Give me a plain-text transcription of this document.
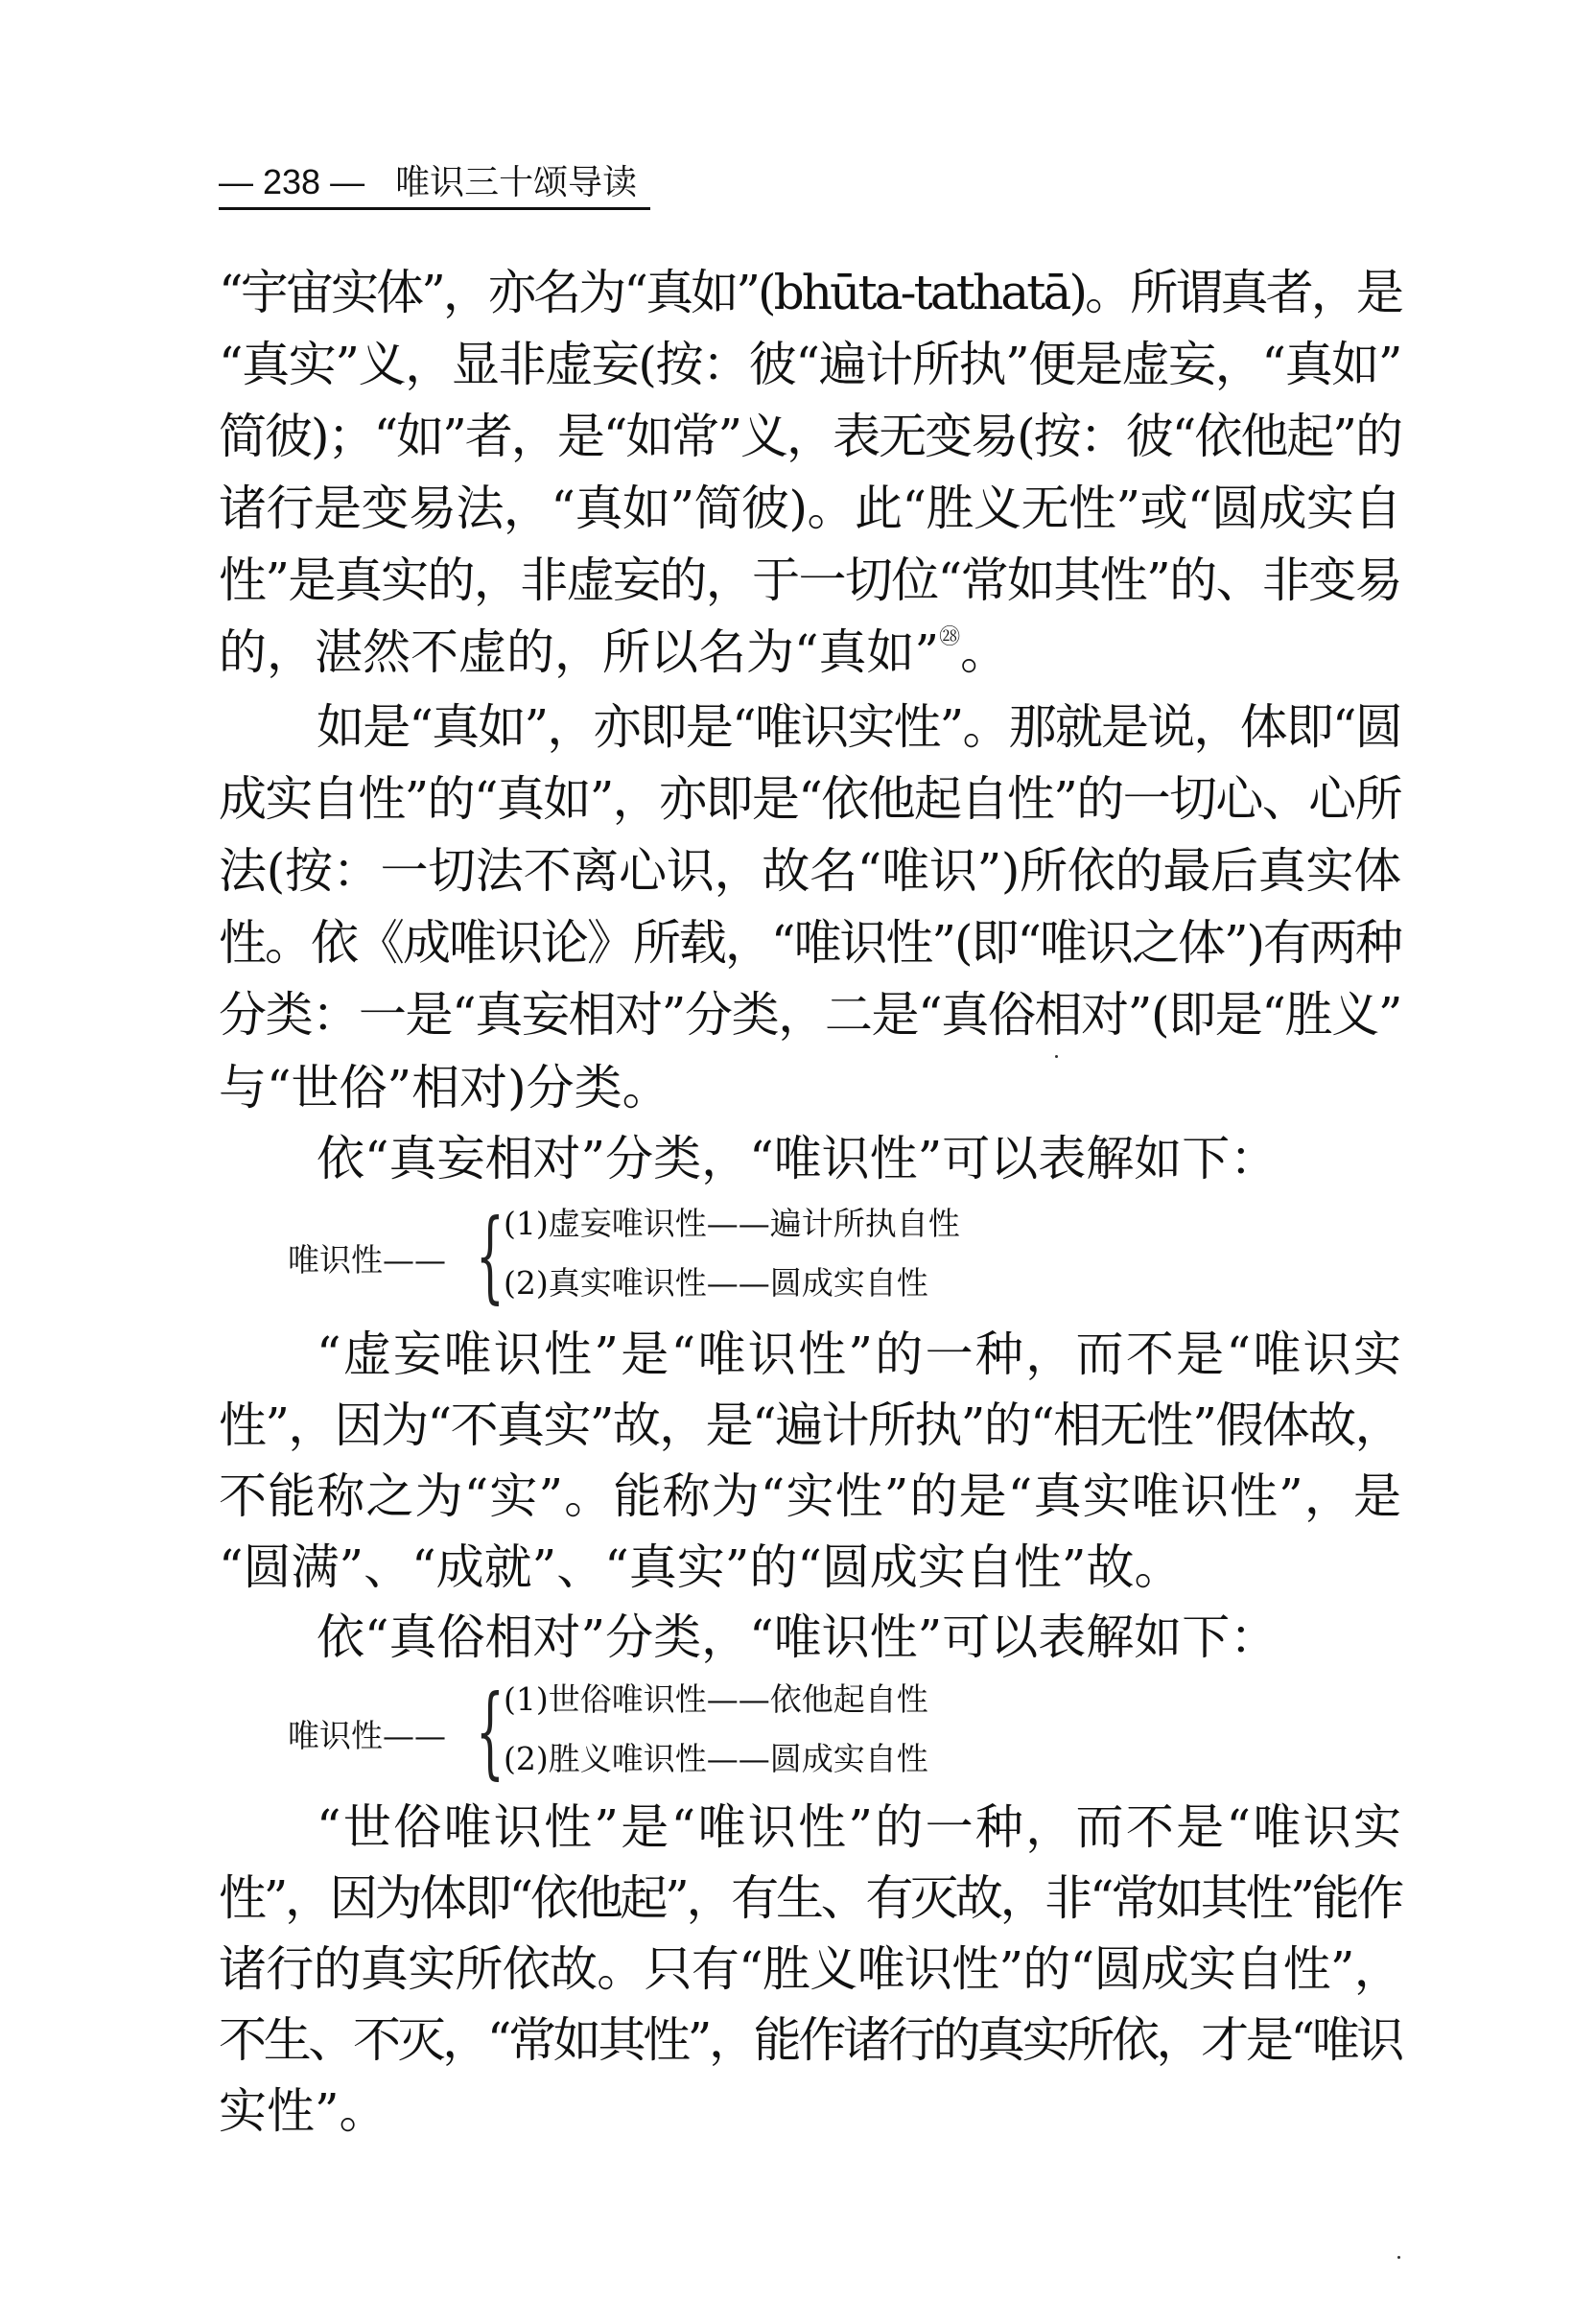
— 238 — 唯识三十颂导读
“宇宙实体”，亦名为“真如”(bhūta-tathatā)。所谓真者，是
“真实”义，显非虚妄(按：彼“遍计所执”便是虚妄，“真如”
简彼)；“如”者，是“如常”义，表无变易(按：彼“依他起”的
诸行是变易法，“真如”简彼)。此“胜义无性”或“圆成实自
性”是真实的，非虚妄的，于一切位“常如其性”的、非变易
的，湛然不虚的，所以名为“真如”$^㉘$。
如是“真如”，亦即是“唯识实性”。那就是说，体即“圆
成实自性”的“真如”，亦即是“依他起自性”的一切心、心所
法(按：一切法不离心识，故名“唯识”)所依的最后真实体
性。依《成唯识论》所载，“唯识性”(即“唯识之体”)有两种
分类：一是“真妄相对”分类，二是“真俗相对”(即是“胜义”
与“世俗”相对)分类。
依“真妄相对”分类，“唯识性”可以表解如下：
唯识性—— { (1)虚妄唯识性——遍计所执自性
(2)真实唯识性——圆成实自性
“虚妄唯识性”是“唯识性”的一种，而不是“唯识实
性”，因为“不真实”故，是“遍计所执”的“相无性”假体故，
不能称之为“实”。能称为“实性”的是“真实唯识性”，是
“圆满”、“成就”、“真实”的“圆成实自性”故。
依“真俗相对”分类，“唯识性”可以表解如下：
唯识性—— { (1)世俗唯识性——依他起自性
(2)胜义唯识性——圆成实自性
“世俗唯识性”是“唯识性”的一种，而不是“唯识实
性”，因为体即“依他起”，有生、有灭故，非“常如其性”能作
诸行的真实所依故。只有“胜义唯识性”的“圆成实自性”，
不生、不灭，“常如其性”，能作诸行的真实所依，才是“唯识
实性”。
